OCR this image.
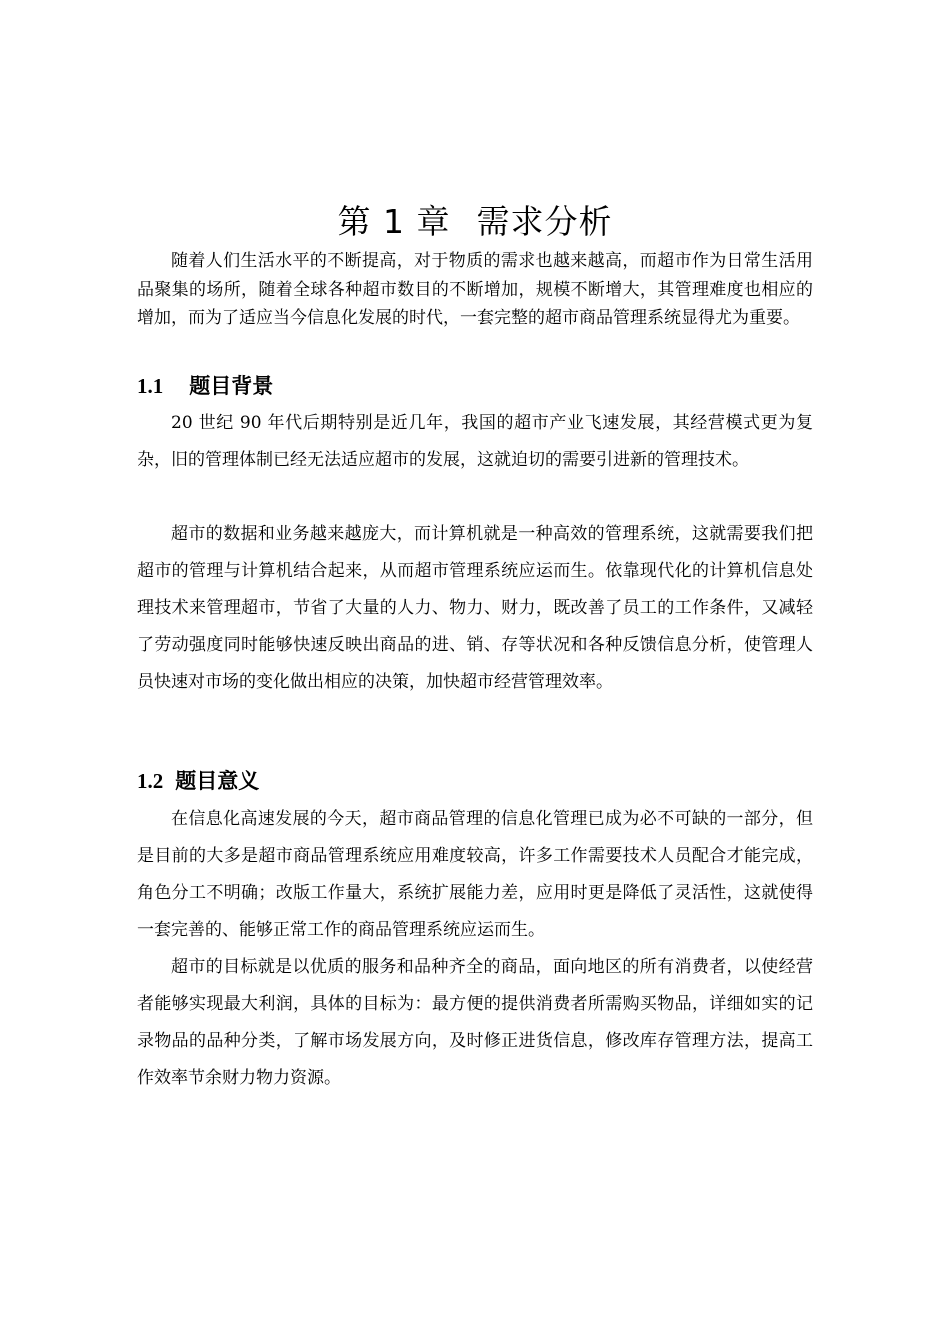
第 1 章 需求分析

随着人们生活水平的不断提高，对于物质的需求也越来越高，而超市作为日常生活用品聚集的场所，随着全球各种超市数目的不断增加，规模不断增大，其管理难度也相应的增加，而为了适应当今信息化发展的时代，一套完整的超市商品管理系统显得尤为重要。

1.1 题目背景

20 世纪 90 年代后期特别是近几年，我国的超市产业飞速发展，其经营模式更为复杂，旧的管理体制已经无法适应超市的发展，这就迫切的需要引进新的管理技术。

超市的数据和业务越来越庞大，而计算机就是一种高效的管理系统，这就需要我们把超市的管理与计算机结合起来，从而超市管理系统应运而生。依靠现代化的计算机信息处理技术来管理超市，节省了大量的人力、物力、财力，既改善了员工的工作条件，又减轻了劳动强度同时能够快速反映出商品的进、销、存等状况和各种反馈信息分析，使管理人员快速对市场的变化做出相应的决策，加快超市经营管理效率。

1.2 题目意义

在信息化高速发展的今天，超市商品管理的信息化管理已成为必不可缺的一部分，但是目前的大多是超市商品管理系统应用难度较高，许多工作需要技术人员配合才能完成，角色分工不明确；改版工作量大，系统扩展能力差，应用时更是降低了灵活性，这就使得一套完善的、能够正常工作的商品管理系统应运而生。

超市的目标就是以优质的服务和品种齐全的商品，面向地区的所有消费者，以使经营者能够实现最大利润，具体的目标为：最方便的提供消费者所需购买物品，详细如实的记录物品的品种分类，了解市场发展方向，及时修正进货信息，修改库存管理方法，提高工作效率节余财力物力资源。
